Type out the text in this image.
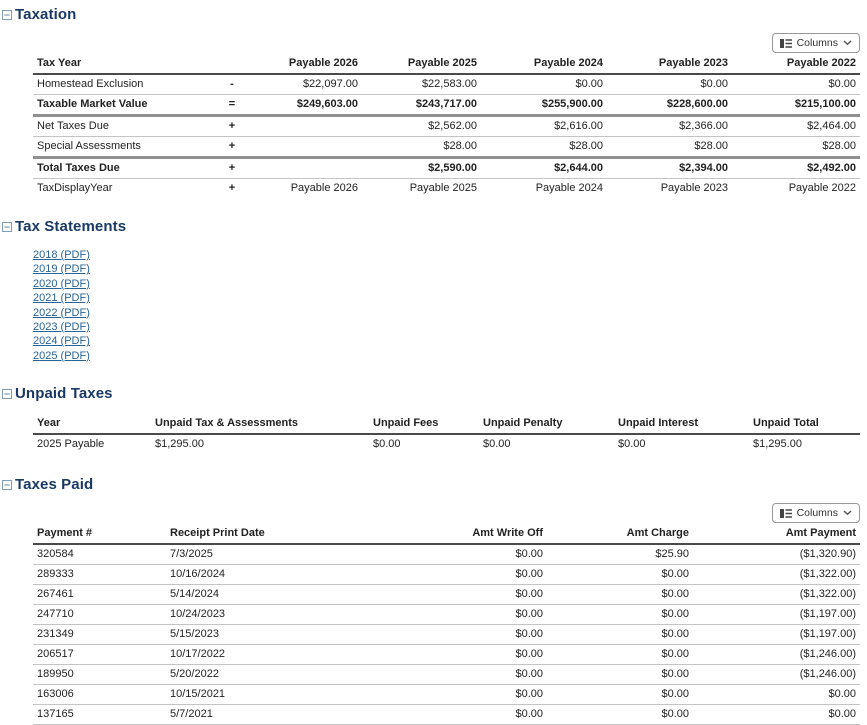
Taxation
Columns
Tax Year		Payable 2026	Payable 2025	Payable 2024	Payable 2023	Payable 2022
Homestead Exclusion	-	$22,097.00	$22,583.00	$0.00	$0.00	$0.00
Taxable Market Value	=	$249,603.00	$243,717.00	$255,900.00	$228,600.00	$215,100.00
Net Taxes Due	+		$2,562.00	$2,616.00	$2,366.00	$2,464.00
Special Assessments	+		$28.00	$28.00	$28.00	$28.00
Total Taxes Due	+		$2,590.00	$2,644.00	$2,394.00	$2,492.00
TaxDisplayYear	+	Payable 2026	Payable 2025	Payable 2024	Payable 2023	Payable 2022
Tax Statements
2018 (PDF)
2019 (PDF)
2020 (PDF)
2021 (PDF)
2022 (PDF)
2023 (PDF)
2024 (PDF)
2025 (PDF)
Unpaid Taxes
Year	Unpaid Tax & Assessments	Unpaid Fees	Unpaid Penalty	Unpaid Interest	Unpaid Total
2025 Payable	$1,295.00	$0.00	$0.00	$0.00	$1,295.00
Taxes Paid
Columns
Payment #	Receipt Print Date	Amt Write Off	Amt Charge	Amt Payment
320584	7/3/2025	$0.00	$25.90	($1,320.90)
289333	10/16/2024	$0.00	$0.00	($1,322.00)
267461	5/14/2024	$0.00	$0.00	($1,322.00)
247710	10/24/2023	$0.00	$0.00	($1,197.00)
231349	5/15/2023	$0.00	$0.00	($1,197.00)
206517	10/17/2022	$0.00	$0.00	($1,246.00)
189950	5/20/2022	$0.00	$0.00	($1,246.00)
163006	10/15/2021	$0.00	$0.00	$0.00
137165	5/7/2021	$0.00	$0.00	$0.00
